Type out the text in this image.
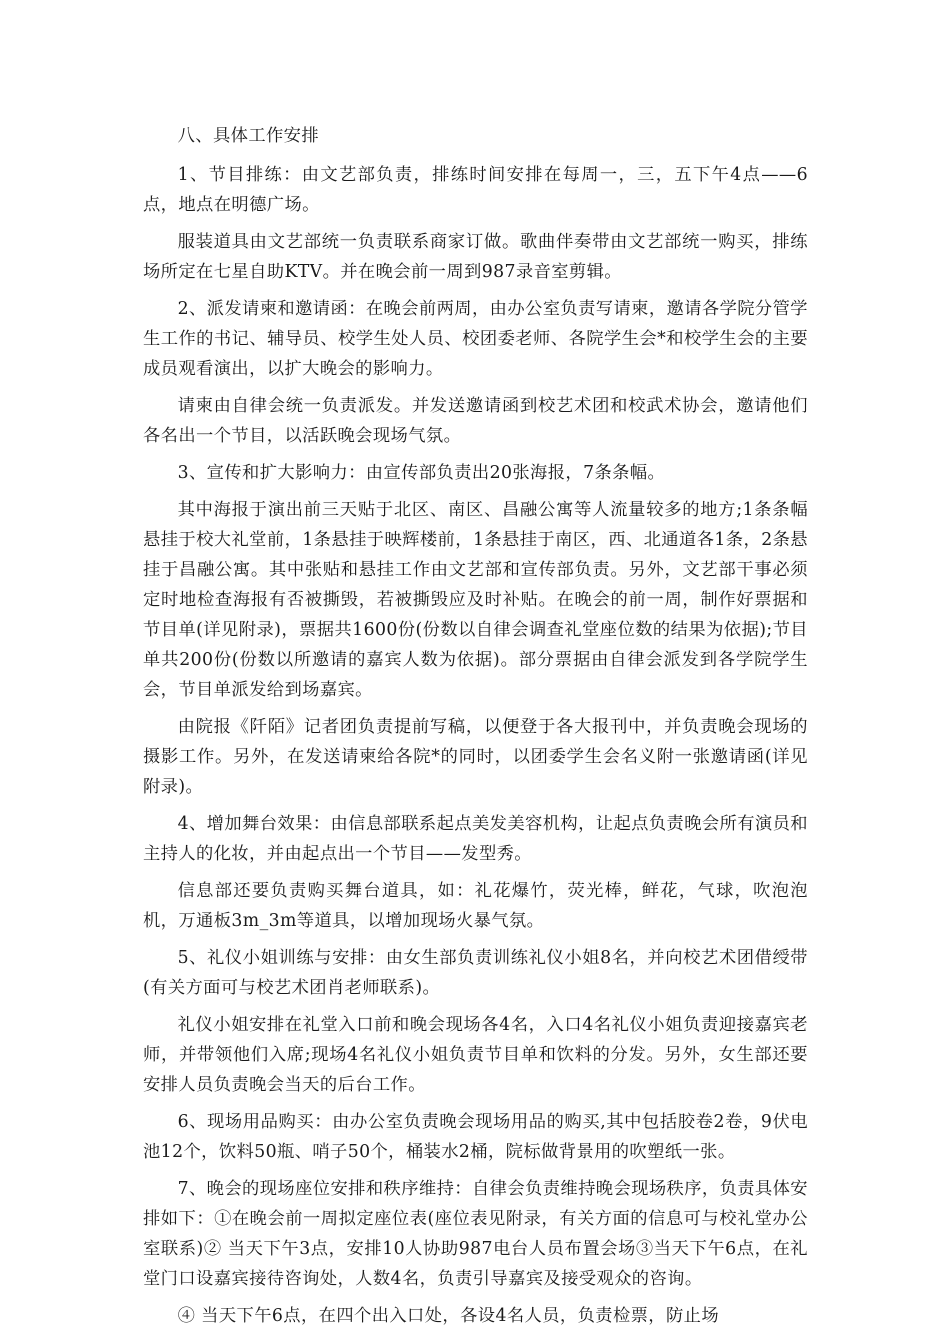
八、具体工作安排

1、节目排练：由文艺部负责，排练时间安排在每周一，三，五下午4点——6点，地点在明德广场。

服装道具由文艺部统一负责联系商家订做。歌曲伴奏带由文艺部统一购买，排练场所定在七星自助KTV。并在晚会前一周到987录音室剪辑。

2、派发请柬和邀请函：在晚会前两周，由办公室负责写请柬，邀请各学院分管学生工作的书记、辅导员、校学生处人员、校团委老师、各院学生会*和校学生会的主要成员观看演出，以扩大晚会的影响力。

请柬由自律会统一负责派发。并发送邀请函到校艺术团和校武术协会，邀请他们各名出一个节目，以活跃晚会现场气氛。

3、宣传和扩大影响力：由宣传部负责出20张海报，7条条幅。

其中海报于演出前三天贴于北区、南区、昌融公寓等人流量较多的地方;1条条幅悬挂于校大礼堂前，1条悬挂于映辉楼前，1条悬挂于南区，西、北通道各1条，2条悬挂于昌融公寓。其中张贴和悬挂工作由文艺部和宣传部负责。另外，文艺部干事必须定时地检查海报有否被撕毁，若被撕毁应及时补贴。在晚会的前一周，制作好票据和节目单(详见附录)，票据共1600份(份数以自律会调查礼堂座位数的结果为依据);节目单共200份(份数以所邀请的嘉宾人数为依据)。部分票据由自律会派发到各学院学生会，节目单派发给到场嘉宾。

由院报《阡陌》记者团负责提前写稿，以便登于各大报刊中，并负责晚会现场的摄影工作。另外，在发送请柬给各院*的同时，以团委学生会名义附一张邀请函(详见附录)。

4、增加舞台效果：由信息部联系起点美发美容机构，让起点负责晚会所有演员和主持人的化妆，并由起点出一个节目——发型秀。

信息部还要负责购买舞台道具，如：礼花爆竹，荧光棒，鲜花，气球，吹泡泡机，万通板3m_3m等道具，以增加现场火暴气氛。

5、礼仪小姐训练与安排：由女生部负责训练礼仪小姐8名，并向校艺术团借绶带(有关方面可与校艺术团肖老师联系)。

礼仪小姐安排在礼堂入口前和晚会现场各4名，入口4名礼仪小姐负责迎接嘉宾老师，并带领他们入席;现场4名礼仪小姐负责节目单和饮料的分发。另外，女生部还要安排人员负责晚会当天的后台工作。

6、现场用品购买：由办公室负责晚会现场用品的购买,其中包括胶卷2卷，9伏电池12个，饮料50瓶、哨子50个，桶装水2桶，院标做背景用的吹塑纸一张。

7、晚会的现场座位安排和秩序维持：自律会负责维持晚会现场秩序，负责具体安排如下：①在晚会前一周拟定座位表(座位表见附录，有关方面的信息可与校礼堂办公室联系)② 当天下午3点，安排10人协助987电台人员布置会场③当天下午6点，在礼堂门口设嘉宾接待咨询处，人数4名，负责引导嘉宾及接受观众的咨询。

④ 当天下午6点，在四个出入口处，各设4名人员，负责检票，防止场
